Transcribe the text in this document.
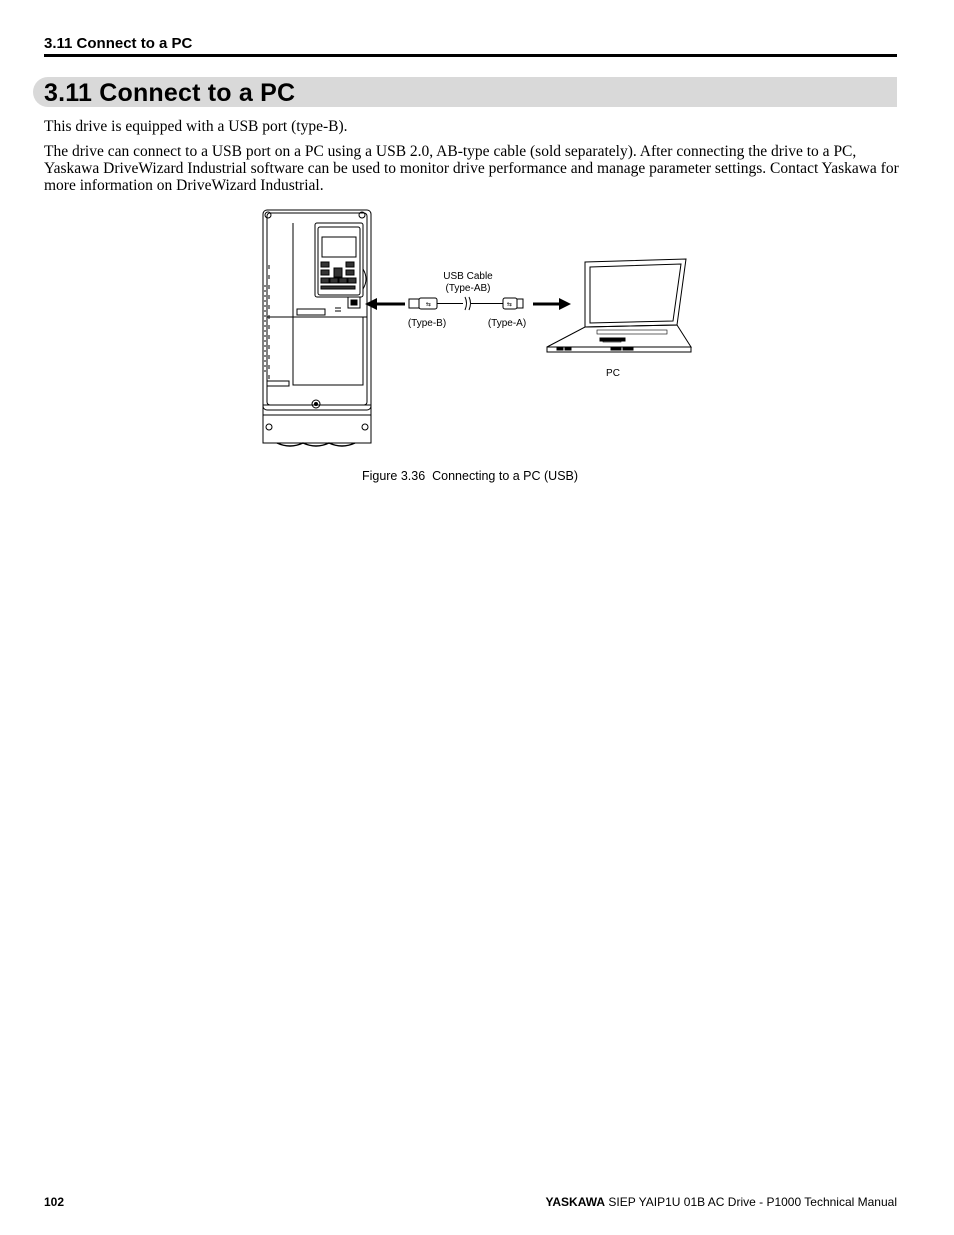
3.11 Connect to a PC
3.11 Connect to a PC
This drive is equipped with a USB port (type-B).
The drive can connect to a USB port on a PC using a USB 2.0, AB-type cable (sold separately). After connecting the drive to a PC, Yaskawa DriveWizard Industrial software can be used to monitor drive performance and manage parameter settings. Contact Yaskawa for more information on DriveWizard Industrial.
⇆	⇆
USB Cable
(Type-AB)
(Type-B)	(Type-A)
PC
Figure 3.36  Connecting to a PC (USB)
102	YASKAWA SIEP YAIP1U 01B AC Drive - P1000 Technical Manual
